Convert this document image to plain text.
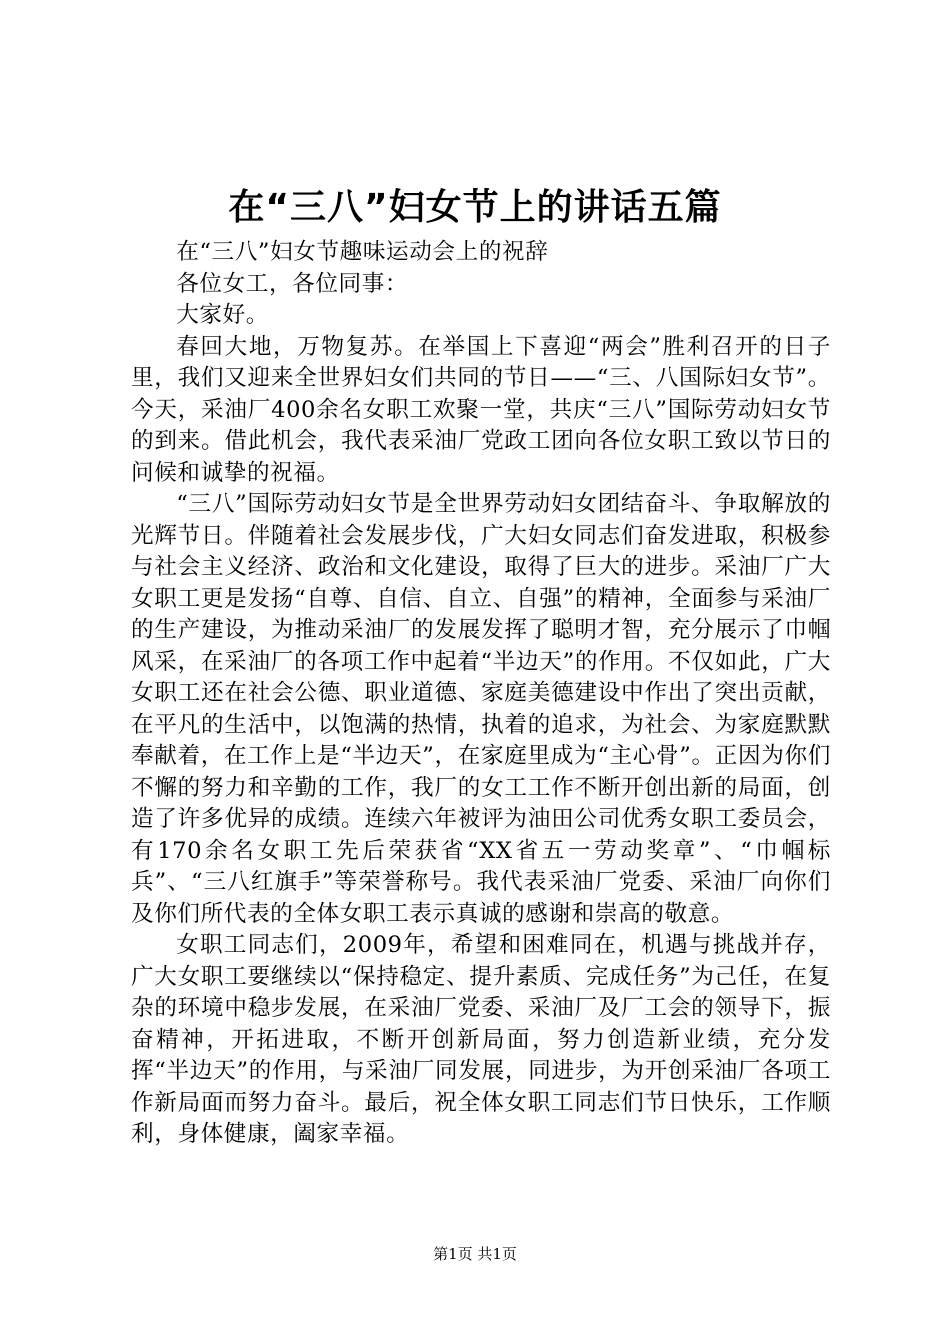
在“三八”妇女节上的讲话五篇

在“三八”妇女节趣味运动会上的祝辞

各位女工，各位同事：

大家好。

春回大地，万物复苏。在举国上下喜迎“两会”胜利召开的日子里，我们又迎来全世界妇女们共同的节日——“三、八国际妇女节”。今天，采油厂400余名女职工欢聚一堂，共庆“三八”国际劳动妇女节的到来。借此机会，我代表采油厂党政工团向各位女职工致以节日的问候和诚挚的祝福。

“三八”国际劳动妇女节是全世界劳动妇女团结奋斗、争取解放的光辉节日。伴随着社会发展步伐，广大妇女同志们奋发进取，积极参与社会主义经济、政治和文化建设，取得了巨大的进步。采油厂广大女职工更是发扬“自尊、自信、自立、自强”的精神，全面参与采油厂的生产建设，为推动采油厂的发展发挥了聪明才智，充分展示了巾帼风采，在采油厂的各项工作中起着“半边天”的作用。不仅如此，广大女职工还在社会公德、职业道德、家庭美德建设中作出了突出贡献，在平凡的生活中，以饱满的热情，执着的追求，为社会、为家庭默默奉献着，在工作上是“半边天”，在家庭里成为“主心骨”。正因为你们不懈的努力和辛勤的工作，我厂的女工工作不断开创出新的局面，创造了许多优异的成绩。连续六年被评为油田公司优秀女职工委员会，有170余名女职工先后荣获省“XX省五一劳动奖章”、“巾帼标兵”、“三八红旗手”等荣誉称号。我代表采油厂党委、采油厂向你们及你们所代表的全体女职工表示真诚的感谢和崇高的敬意。

女职工同志们，2009年，希望和困难同在，机遇与挑战并存，广大女职工要继续以“保持稳定、提升素质、完成任务”为己任，在复杂的环境中稳步发展，在采油厂党委、采油厂及厂工会的领导下，振奋精神，开拓进取，不断开创新局面，努力创造新业绩，充分发挥“半边天”的作用，与采油厂同发展，同进步，为开创采油厂各项工作新局面而努力奋斗。最后，祝全体女职工同志们节日快乐，工作顺利，身体健康，阖家幸福。

第1页 共1页
